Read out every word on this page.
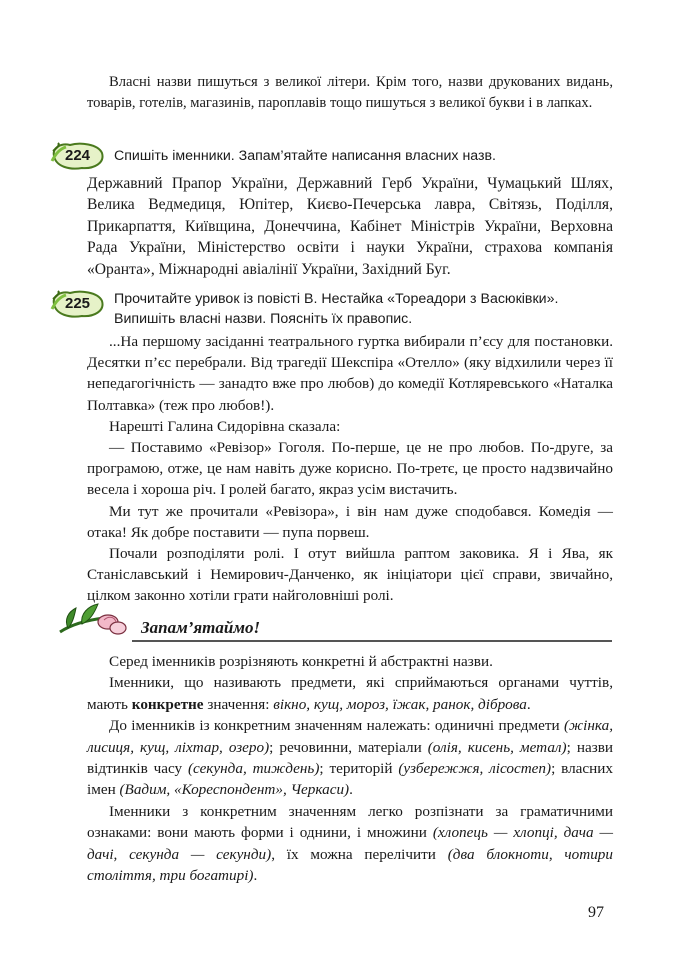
Власні назви пишуться з великої літери. Крім того, назви друкованих видань, товарів, готелів, магазинів, пароплавів тощо пишуться з великої букви і в лапках.

224 Спишіть іменники. Запам’ятайте написання власних назв.

Державний Прапор України, Державний Герб України, Чумацький Шлях, Велика Ведмедиця, Юпітер, Києво-Печерська лавра, Світязь, Поділля, Прикарпаття, Київщина, Донеччина, Кабінет Міністрів України, Верховна Рада України, Міністерство освіти і науки України, страхова компанія «Оранта», Міжнародні авіалінії України, Західний Буг.

225 Прочитайте уривок із повісті В. Нестайка «Тореадори з Васюківки».
Випишіть власні назви. Поясніть їх правопис.

...На першому засіданні театрального гуртка вибирали п’єсу для постановки. Десятки п’єс перебрали. Від трагедії Шекспіра «Отелло» (яку відхилили через її непедагогічність — занадто вже про любов) до комедії Котляревського «Наталка Полтавка» (теж про любов!).

Нарешті Галина Сидорівна сказала:

— Поставимо «Ревізор» Гоголя. По-перше, це не про любов. По-друге, за програмою, отже, це нам навіть дуже корисно. По-третє, це просто надзвичайно весела і хороша річ. І ролей багато, якраз усім вистачить.

Ми тут же прочитали «Ревізора», і він нам дуже сподобався. Комедія — отака! Як добре поставити — пупа порвеш.

Почали розподіляти ролі. І отут вийшла раптом заковика. Я і Ява, як Станіславський і Немирович-Данченко, як ініціатори цієї справи, звичайно, цілком законно хотіли грати найголовніші ролі.

Запам’ятаймо!

Серед іменників розрізняють конкретні й абстрактні назви.

Іменники, що називають предмети, які сприймаються органами чуттів, мають конкретне значення: вікно, кущ, мороз, їжак, ранок, діброва.

До іменників із конкретним значенням належать: одиничні предмети (жінка, лисиця, кущ, ліхтар, озеро); речовинни, матеріали (олія, кисень, метал); назви відтинків часу (секунда, тиждень); територій (узбережжя, лісостеп); власних імен (Вадим, «Кореспондент», Черкаси).

Іменники з конкретним значенням легко розпізнати за граматичними ознаками: вони мають форми і однини, і множини (хлопець — хлопці, дача — дачі, секунда — секунди), їх можна перелічити (два блокноти, чотири століття, три богатирі).

97
